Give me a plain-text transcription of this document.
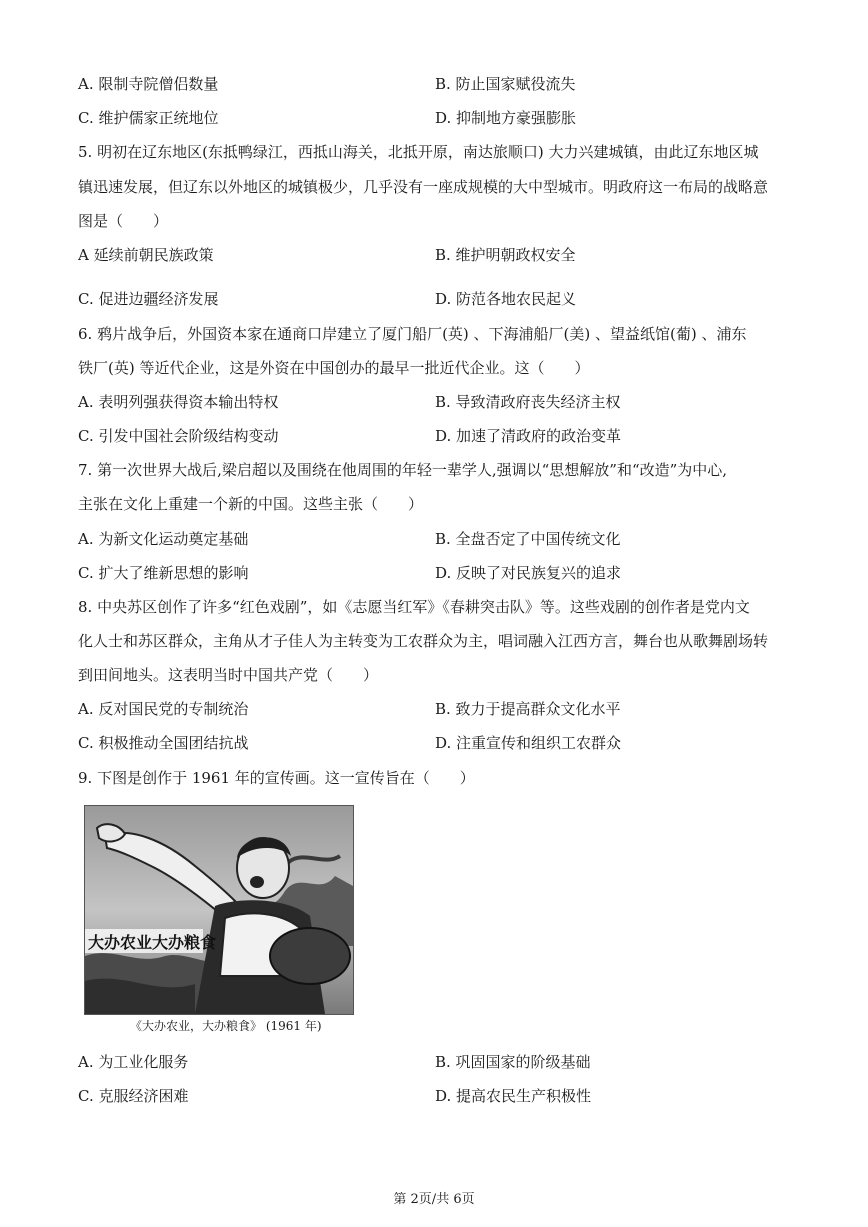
A. 限制寺院僧侣数量	B. 防止国家赋役流失
C. 维护儒家正统地位	D. 抑制地方豪强膨胀
5. 明初在辽东地区(东抵鸭绿江，西抵山海关，北抵开原，南达旅顺口) 大力兴建城镇，由此辽东地区城
镇迅速发展，但辽东以外地区的城镇极少，几乎没有一座成规模的大中型城市。明政府这一布局的战略意
图是（　　）
A 延续前朝民族政策	B. 维护明朝政权安全
C. 促进边疆经济发展	D. 防范各地农民起义
6. 鸦片战争后，外国资本家在通商口岸建立了厦门船厂(英) 、下海浦船厂(美) 、望益纸馆(葡) 、浦东
铁厂(英) 等近代企业，这是外资在中国创办的最早一批近代企业。这（　　）
A. 表明列强获得资本输出特权	B. 导致清政府丧失经济主权
C. 引发中国社会阶级结构变动	D. 加速了清政府的政治变革
7. 第一次世界大战后,梁启超以及围绕在他周围的年轻一辈学人,强调以“思想解放”和“改造”为中心,
主张在文化上重建一个新的中国。这些主张（　　）
A. 为新文化运动奠定基础	B. 全盘否定了中国传统文化
C. 扩大了维新思想的影响	D. 反映了对民族复兴的追求
8. 中央苏区创作了许多“红色戏剧”，如《志愿当红军》《春耕突击队》等。这些戏剧的创作者是党内文
化人士和苏区群众，主角从才子佳人为主转变为工农群众为主，唱词融入江西方言，舞台也从歌舞剧场转
到田间地头。这表明当时中国共产党（　　）
A. 反对国民党的专制统治	B. 致力于提高群众文化水平
C. 积极推动全国团结抗战	D. 注重宣传和组织工农群众
9. 下图是创作于 1961 年的宣传画。这一宣传旨在（　　）
大办农业大办粮食
《大办农业，大办粮食》 (1961 年)
A. 为工业化服务	B. 巩固国家的阶级基础
C. 克服经济困难	D. 提高农民生产积极性
第 2页/共 6页
